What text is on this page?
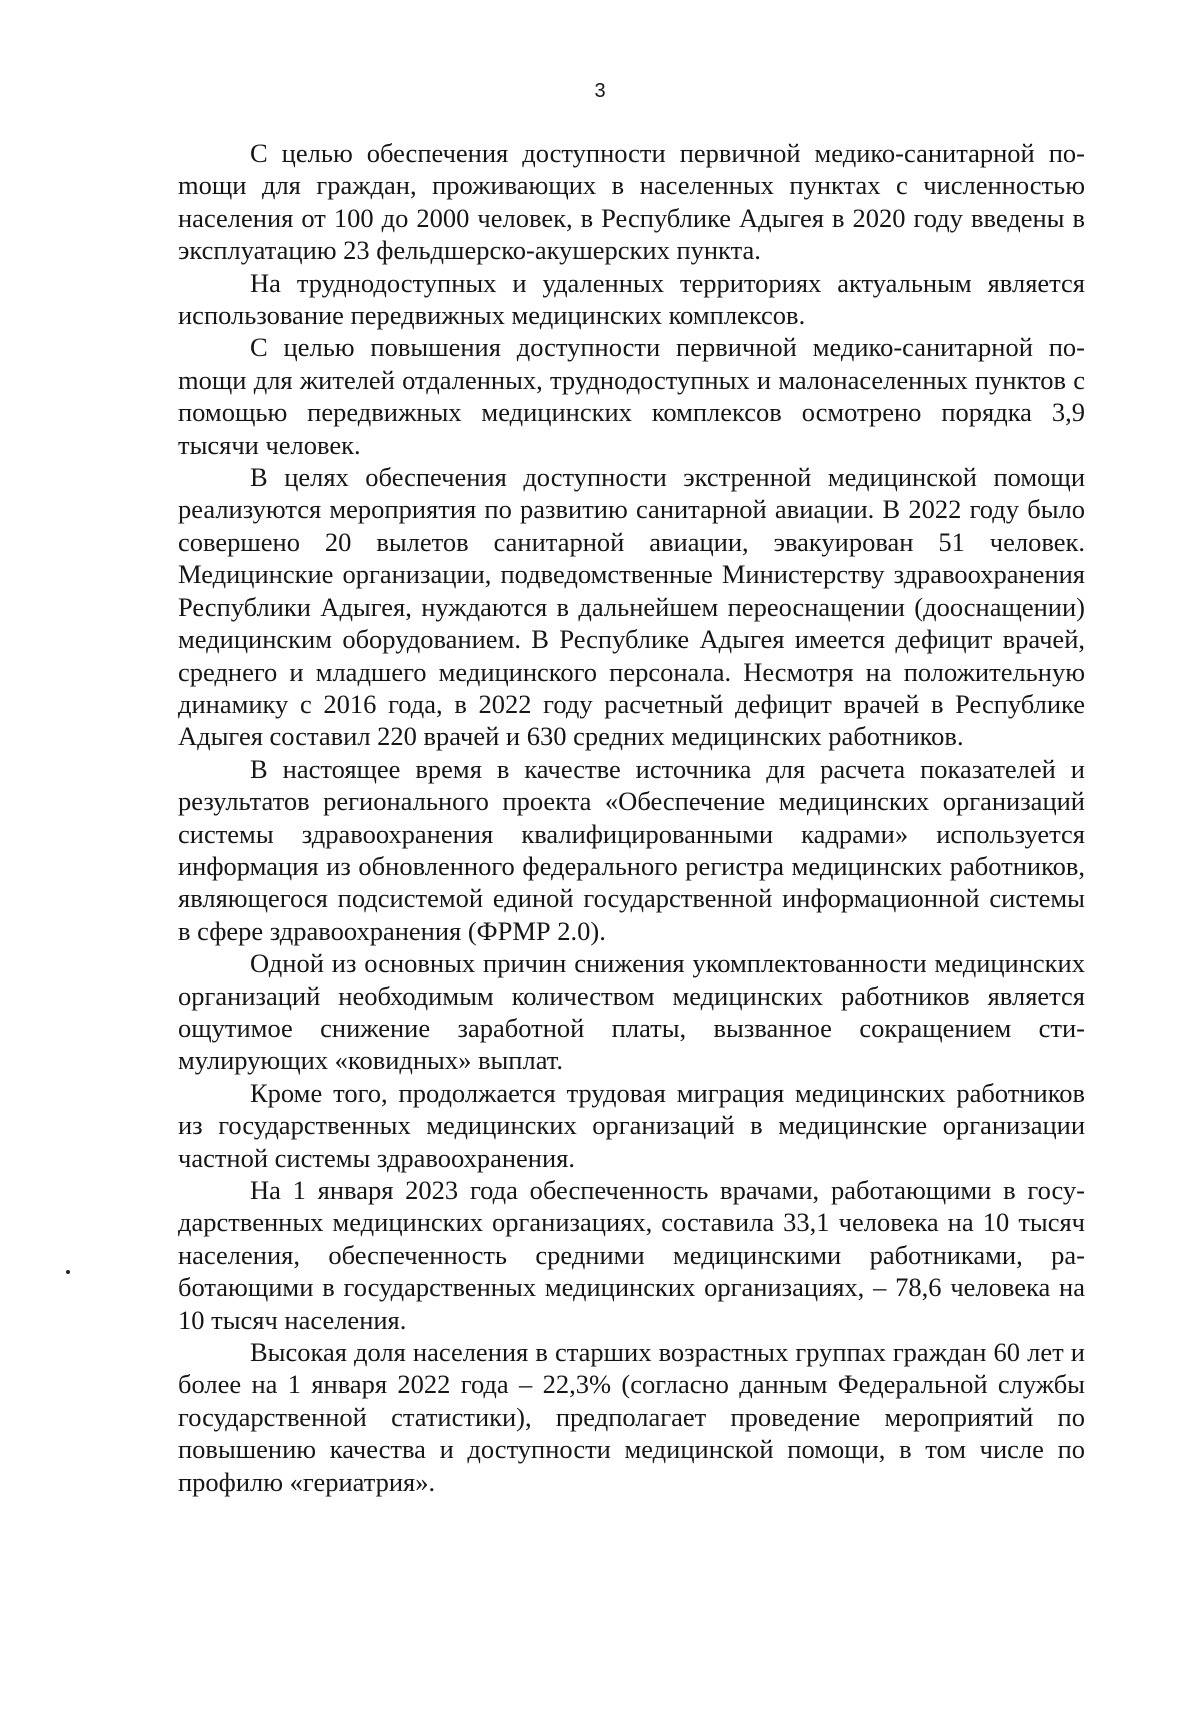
3

С целью обеспечения доступности первичной медико-санитарной поmощи для граждан, проживающих в населенных пунктах с численностью населения от 100 до 2000 человек, в Республике Адыгея в 2020 году введены в эксплуатацию 23 фельдшерско-акушерских пункта.

На труднодоступных и удаленных территориях актуальным является использование передвижных медицинских комплексов.

С целью повышения доступности первичной медико-санитарной поmощи для жителей отдаленных, труднодоступных и малонаселенных пунктов с помощью передвижных медицинских комплексов осмотрено порядка 3,9 тысячи человек.

В целях обеспечения доступности экстренной медицинской помощи реализуются мероприятия по развитию санитарной авиации. В 2022 году было совершено 20 вылетов санитарной авиации, эвакуирован 51 человек. Медицинские организации, подведомственные Министерству здравоохранения Республики Адыгея, нуждаются в дальнейшем переоснащении (дооснащении) медицинским оборудованием. В Республике Адыгея имеется дефицит врачей, среднего и младшего медицинского персонала. Несмотря на положительную динамику с 2016 года, в 2022 году расчетный дефицит врачей в Республике Адыгея составил 220 врачей и 630 средних медицинских работников.

В настоящее время в качестве источника для расчета показателей и результатов регионального проекта «Обеспечение медицинских организаций системы здравоохранения квалифицированными кадрами» используется информация из обновленного федерального регистра медицинских работников, являющегося подсистемой единой государственной информационной системы в сфере здравоохранения (ФРМР 2.0).

Одной из основных причин снижения укомплектованности медицинских организаций необходимым количеством медицинских работников является ощутимое снижение заработной платы, вызванное сокращением стимулирующих «ковидных» выплат.

Кроме того, продолжается трудовая миграция медицинских работников из государственных медицинских организаций в медицинские организации частной системы здравоохранения.

На 1 января 2023 года обеспеченность врачами, работающими в государственных медицинских организациях, составила 33,1 человека на 10 тысяч населения, обеспеченность средними медицинскими работниками, работающими в государственных медицинских организациях, – 78,6 человека на 10 тысяч населения.

Высокая доля населения в старших возрастных группах граждан 60 лет и более на 1 января 2022 года – 22,3% (согласно данным Федеральной службы государственной статистики), предполагает проведение мероприятий по повышению качества и доступности медицинской помощи, в том числе по профилю «гериатрия».
